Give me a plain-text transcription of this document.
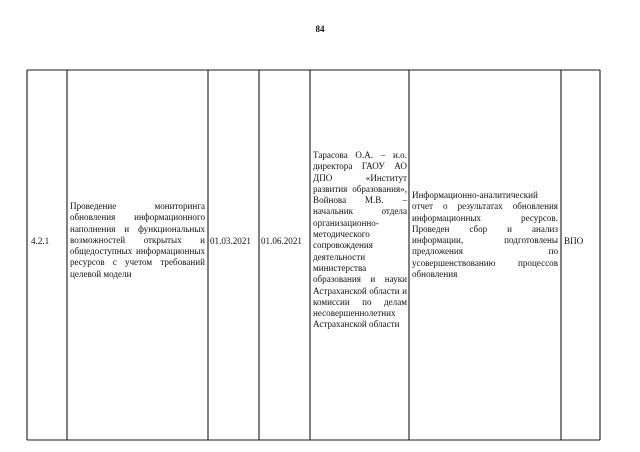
84
4.2.1
Проведение мониторинга обновления информационного наполнения и функциональных возможностей открытых и общедоступных информационных ресурсов с учетом требований целевой модели
01.03.2021	01.06.2021
Тарасова О.А. – и.о. директора ГАОУ АО ДПО «Институт развития образования», Войнова М.В. – начальник отдела организационно-методического сопровождения деятельности министерства образования и науки Астраханской области и комиссии по делам несовершеннолетних Астраханской области
Информационно-аналитический отчет о результатах обновления информационных ресурсов. Проведен сбор и анализ информации, подготовлены предложения по усовершенствованию процессов обновления
ВПО
